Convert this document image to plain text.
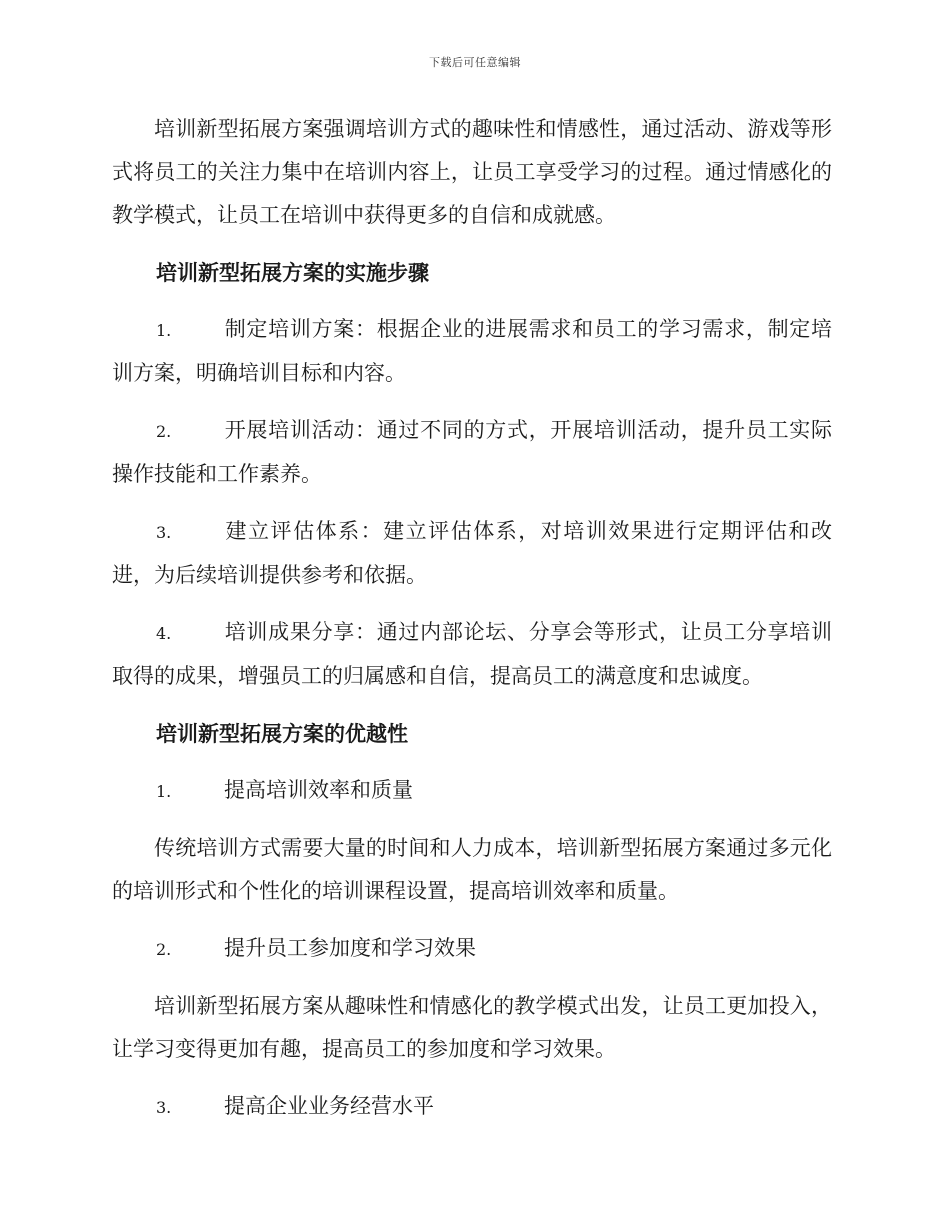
下载后可任意编辑

培训新型拓展方案强调培训方式的趣味性和情感性，通过活动、游戏等形式将员工的关注力集中在培训内容上，让员工享受学习的过程。通过情感化的教学模式，让员工在培训中获得更多的自信和成就感。

培训新型拓展方案的实施步骤

1.	制定培训方案：根据企业的进展需求和员工的学习需求，制定培训方案，明确培训目标和内容。

2.	开展培训活动：通过不同的方式，开展培训活动，提升员工实际操作技能和工作素养。

3.	建立评估体系：建立评估体系，对培训效果进行定期评估和改进，为后续培训提供参考和依据。

4.	培训成果分享：通过内部论坛、分享会等形式，让员工分享培训取得的成果，增强员工的归属感和自信，提高员工的满意度和忠诚度。

培训新型拓展方案的优越性

1.	提高培训效率和质量

传统培训方式需要大量的时间和人力成本，培训新型拓展方案通过多元化的培训形式和个性化的培训课程设置，提高培训效率和质量。

2.	提升员工参加度和学习效果

培训新型拓展方案从趣味性和情感化的教学模式出发，让员工更加投入，让学习变得更加有趣，提高员工的参加度和学习效果。

3.	提高企业业务经营水平
